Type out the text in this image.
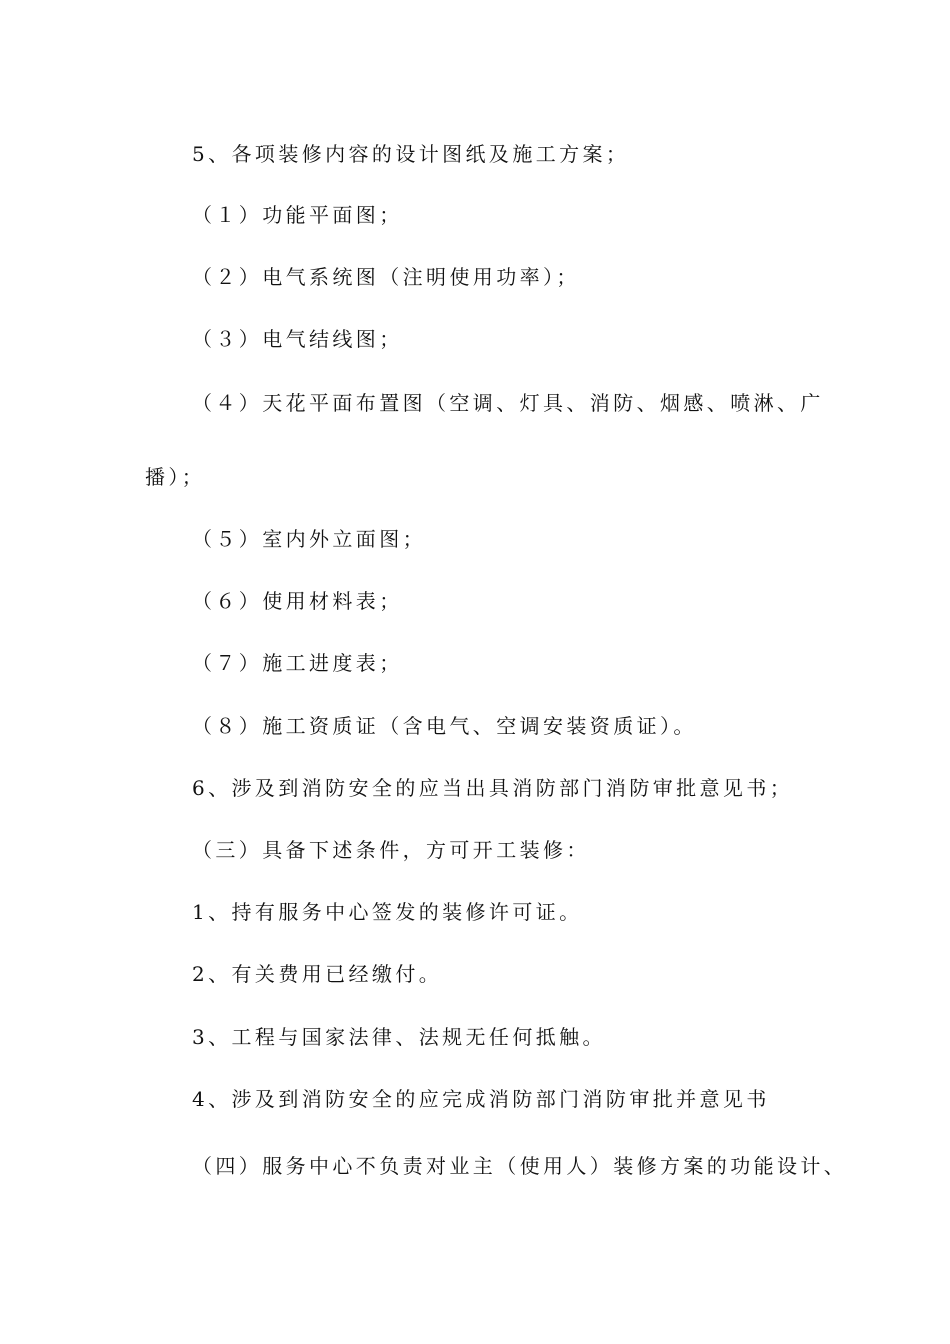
5、各项装修内容的设计图纸及施工方案；
（１）功能平面图；
（２）电气系统图（注明使用功率）；
（３）电气结线图；
（４）天花平面布置图（空调、灯具、消防、烟感、喷淋、广
播）；
（５）室内外立面图；
（６）使用材料表；
（７）施工进度表；
（８）施工资质证（含电气、空调安装资质证）。
6、涉及到消防安全的应当出具消防部门消防审批意见书；
（三）具备下述条件，方可开工装修：
1、持有服务中心签发的装修许可证。
2、有关费用已经缴付。
3、工程与国家法律、法规无任何抵触。
4、涉及到消防安全的应完成消防部门消防审批并意见书
（四）服务中心不负责对业主（使用人）装修方案的功能设计、
